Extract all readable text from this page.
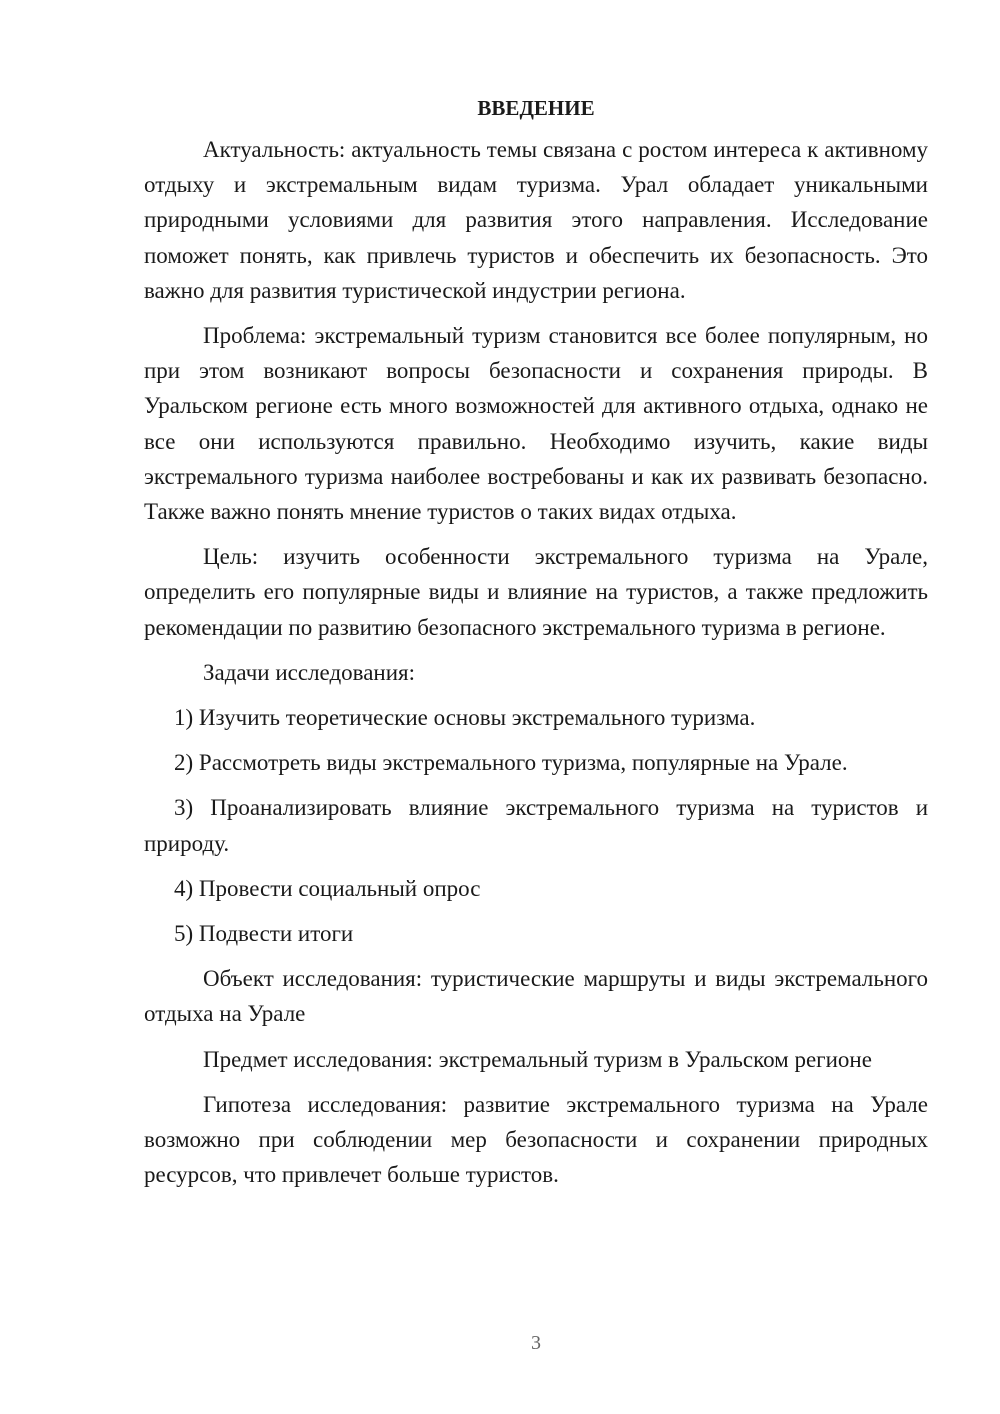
ВВЕДЕНИЕ

Актуальность: актуальность темы связана с ростом интереса к активному отдыху и экстремальным видам туризма. Урал обладает уникальными природными условиями для развития этого направления. Исследование поможет понять, как привлечь туристов и обеспечить их безопасность. Это важно для развития туристической индустрии региона.

Проблема: экстремальный туризм становится все более популярным, но при этом возникают вопросы безопасности и сохранения природы. В Уральском регионе есть много возможностей для активного отдыха, однако не все они используются правильно. Необходимо изучить, какие виды экстремального туризма наиболее востребованы и как их развивать безопасно. Также важно понять мнение туристов о таких видах отдыха.

Цель: изучить особенности экстремального туризма на Урале, определить его популярные виды и влияние на туристов, а также предложить рекомендации по развитию безопасного экстремального туризма в регионе.

Задачи исследования:

1) Изучить теоретические основы экстремального туризма.

2) Рассмотреть виды экстремального туризма, популярные на Урале.

3) Проанализировать влияние экстремального туризма на туристов и природу.

4) Провести социальный опрос

5) Подвести итоги

Объект исследования: туристические маршруты и виды экстремального отдыха на Урале

Предмет исследования: экстремальный туризм в Уральском регионе

Гипотеза исследования: развитие экстремального туризма на Урале возможно при соблюдении мер безопасности и сохранении природных ресурсов, что привлечет больше туристов.

3
